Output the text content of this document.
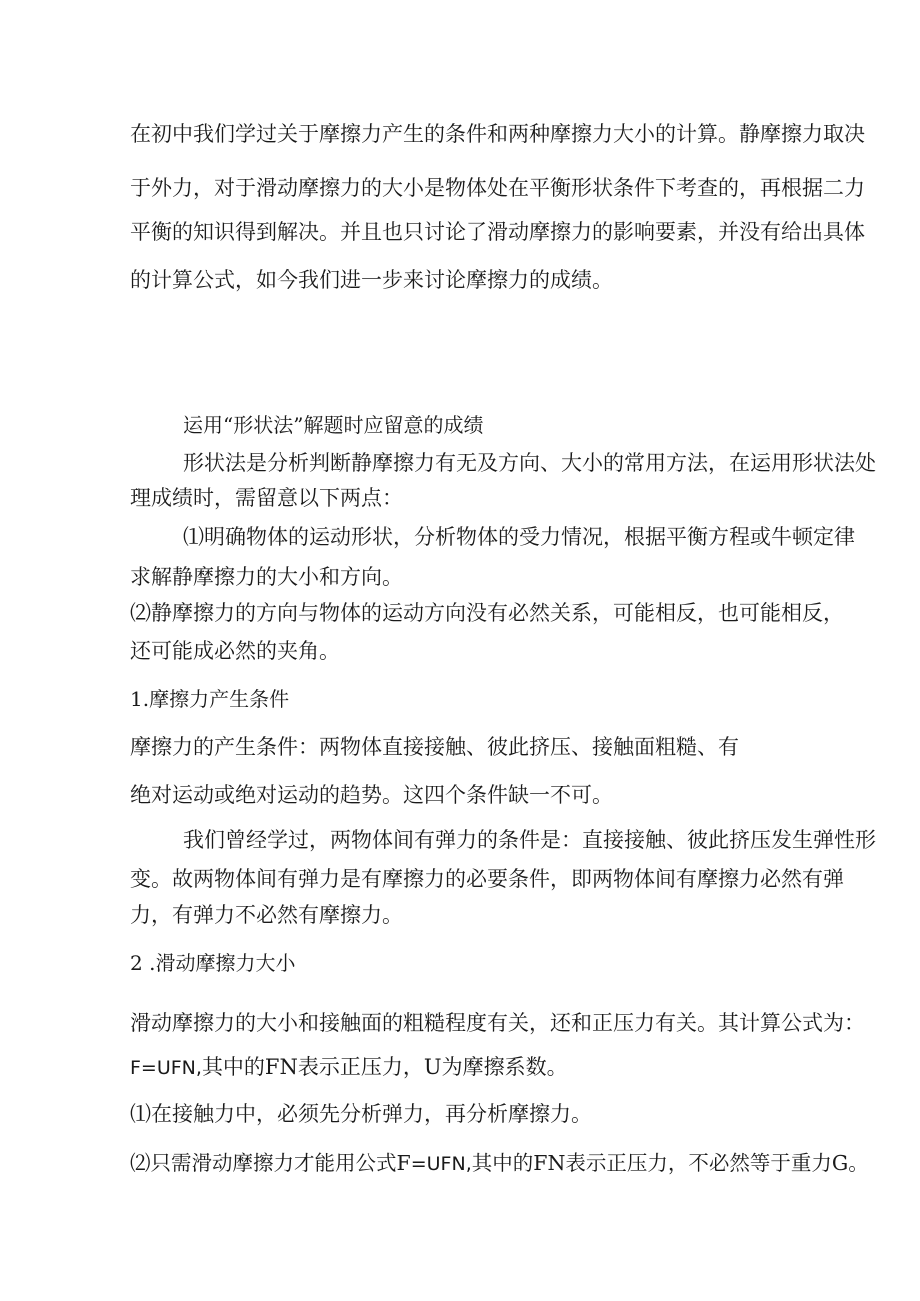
在初中我们学过关于摩擦力产生的条件和两种摩擦力大小的计算。静摩擦力取决
于外力，对于滑动摩擦力的大小是物体处在平衡形状条件下考查的，再根据二力
平衡的知识得到解决。并且也只讨论了滑动摩擦力的影响要素，并没有给出具体
的计算公式，如今我们进一步来讨论摩擦力的成绩。
运用“形状法”解题时应留意的成绩
形状法是分析判断静摩擦力有无及方向、大小的常用方法，在运用形状法处
理成绩时，需留意以下两点：
⑴明确物体的运动形状，分析物体的受力情况，根据平衡方程或牛顿定律
求解静摩擦力的大小和方向。
⑵静摩擦力的方向与物体的运动方向没有必然关系，可能相反，也可能相反，
还可能成必然的夹角。
1.摩擦力产生条件
摩擦力的产生条件：两物体直接接触、彼此挤压、接触面粗糙、有
绝对运动或绝对运动的趋势。这四个条件缺一不可。
我们曾经学过，两物体间有弹力的条件是：直接接触、彼此挤压发生弹性形
变。故两物体间有弹力是有摩擦力的必要条件，即两物体间有摩擦力必然有弹
力，有弹力不必然有摩擦力。
2 .滑动摩擦力大小
滑动摩擦力的大小和接触面的粗糙程度有关，还和正压力有关。其计算公式为：
F=UFN,其中的FN表示正压力，U为摩擦系数。
⑴在接触力中，必须先分析弹力，再分析摩擦力。
⑵只需滑动摩擦力才能用公式F=UFN,其中的FN表示正压力，不必然等于重力G。
